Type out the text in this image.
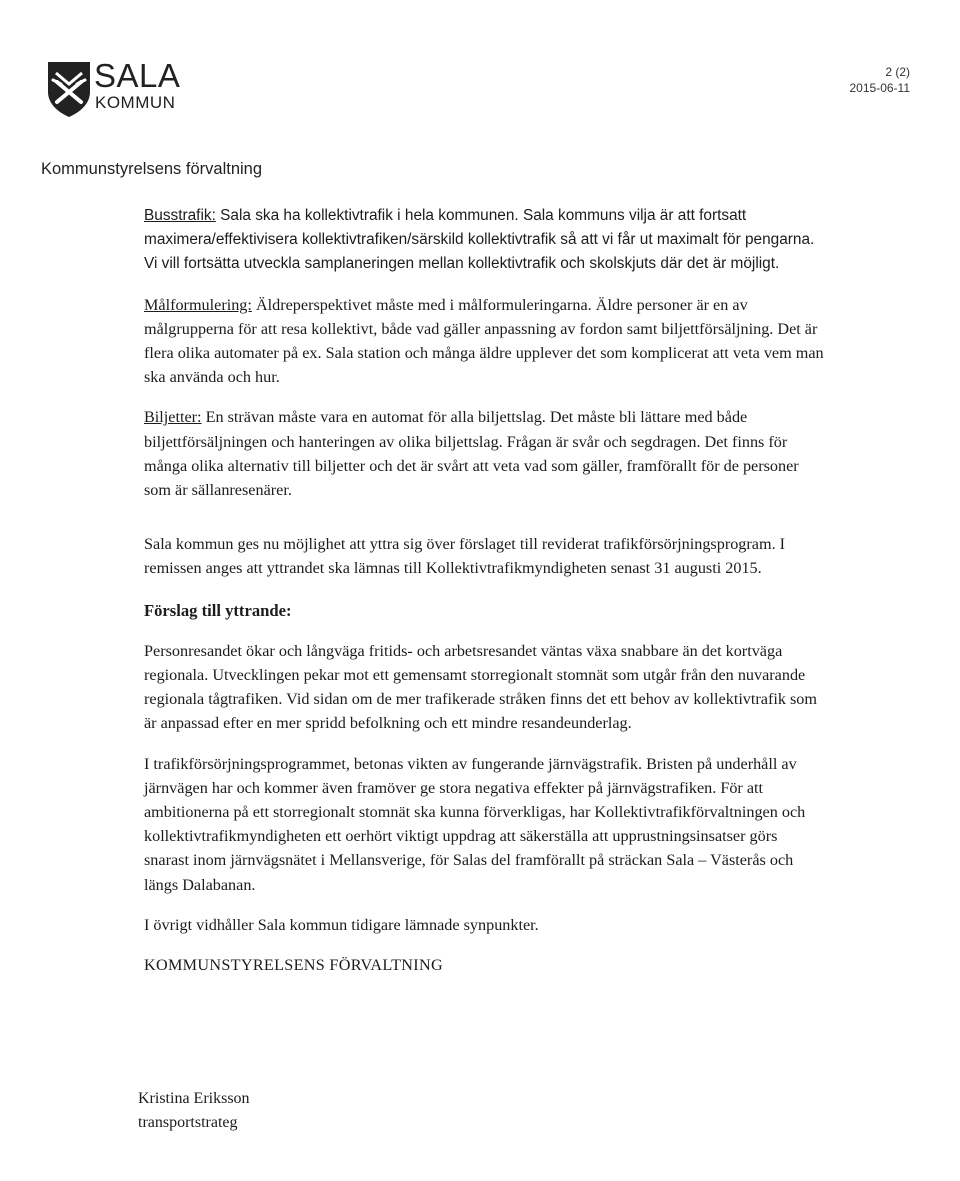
SALA
KOMMUN
2 (2)
2015-06-11
Kommunstyrelsens förvaltning

Busstrafik: Sala ska ha kollektivtrafik i hela kommunen. Sala kommuns vilja är att fortsatt maximera/effektivisera kollektivtrafiken/särskild kollektivtrafik så att vi får ut maximalt för pengarna. Vi vill fortsätta utveckla samplaneringen mellan kollektivtrafik och skolskjuts där det är möjligt.

Målformulering: Äldreperspektivet måste med i målformuleringarna. Äldre personer är en av målgrupperna för att resa kollektivt, både vad gäller anpassning av fordon samt biljettförsäljning. Det är flera olika automater på ex. Sala station och många äldre upplever det som komplicerat att veta vem man ska använda och hur.

Biljetter: En strävan måste vara en automat för alla biljettslag. Det måste bli lättare med både biljettförsäljningen och hanteringen av olika biljettslag. Frågan är svår och segdragen. Det finns för många olika alternativ till biljetter och det är svårt att veta vad som gäller, framförallt för de personer som är sällanresenärer.

Sala kommun ges nu möjlighet att yttra sig över förslaget till reviderat trafikförsörjningsprogram. I remissen anges att yttrandet ska lämnas till Kollektivtrafikmyndigheten senast 31 augusti 2015.

Förslag till yttrande:

Personresandet ökar och långväga fritids- och arbetsresandet väntas växa snabbare än det kortväga regionala. Utvecklingen pekar mot ett gemensamt storregionalt stomnät som utgår från den nuvarande regionala tågtrafiken. Vid sidan om de mer trafikerade stråken finns det ett behov av kollektivtrafik som är anpassad efter en mer spridd befolkning och ett mindre resandeunderlag.

I trafikförsörjningsprogrammet, betonas vikten av fungerande järnvägstrafik. Bristen på underhåll av järnvägen har och kommer även framöver ge stora negativa effekter på järnvägstrafiken. För att ambitionerna på ett storregionalt stomnät ska kunna förverkligas, har Kollektivtrafikförvaltningen och kollektivtrafikmyndigheten ett oerhört viktigt uppdrag att säkerställa att upprustningsinsatser görs snarast inom järnvägsnätet i Mellansverige, för Salas del framförallt på sträckan Sala – Västerås och längs Dalabanan.

I övrigt vidhåller Sala kommun tidigare lämnade synpunkter.

KOMMUNSTYRELSENS FÖRVALTNING

Kristina Eriksson
transportstrateg
